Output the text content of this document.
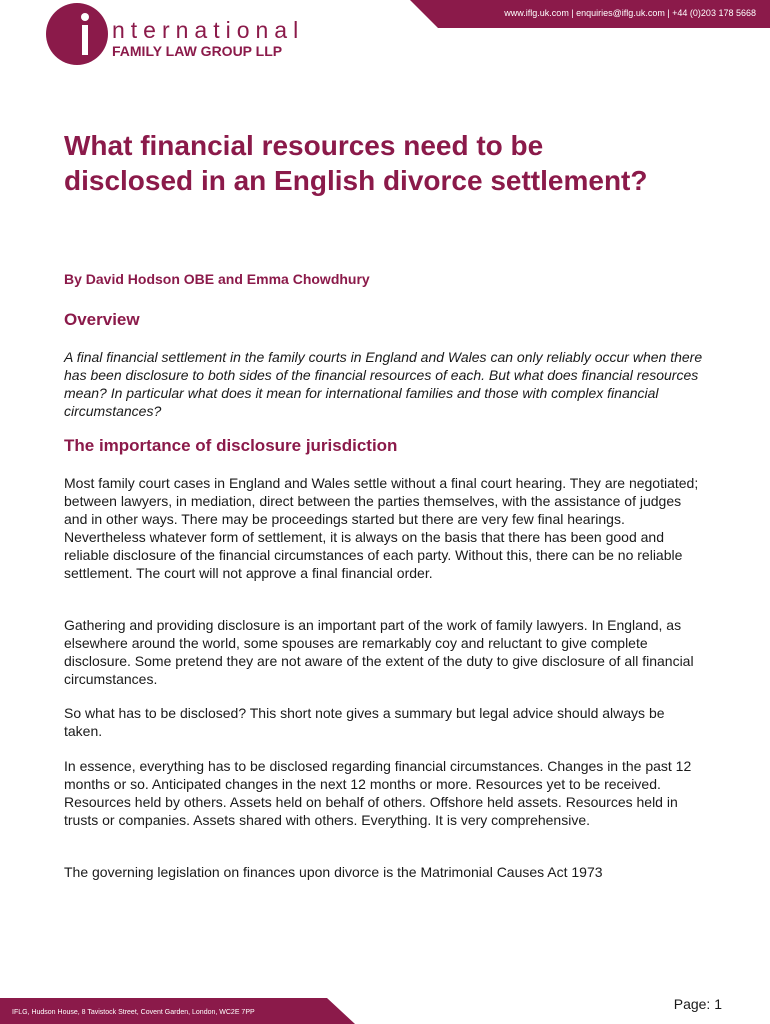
www.iflg.uk.com | enquiries@iflg.uk.com | +44 (0)203 178 5668
nternational
FAMILY LAW GROUP LLP
What financial resources need to be disclosed in an English divorce settlement?

By David Hodson OBE and Emma Chowdhury

Overview

A final financial settlement in the family courts in England and Wales can only reliably occur when there has been disclosure to both sides of the financial resources of each. But what does financial resources mean? In particular what does it mean for international families and those with complex financial circumstances?

The importance of disclosure jurisdiction

Most family court cases in England and Wales settle without a final court hearing. They are negotiated; between lawyers, in mediation, direct between the parties themselves, with the assistance of judges and in other ways. There may be proceedings started but there are very few final hearings. Nevertheless whatever form of settlement, it is always on the basis that there has been good and reliable disclosure of the financial circumstances of each party. Without this, there can be no reliable settlement. The court will not approve a final financial order.

Gathering and providing disclosure is an important part of the work of family lawyers. In England, as elsewhere around the world, some spouses are remarkably coy and reluctant to give complete disclosure. Some pretend they are not aware of the extent of the duty to give disclosure of all financial circumstances.

So what has to be disclosed? This short note gives a summary but legal advice should always be taken.

In essence, everything has to be disclosed regarding financial circumstances. Changes in the past 12 months or so. Anticipated changes in the next 12 months or more. Resources yet to be received. Resources held by others. Assets held on behalf of others. Offshore held assets. Resources held in trusts or companies. Assets shared with others. Everything. It is very comprehensive.

The governing legislation on finances upon divorce is the Matrimonial Causes Act 1973

IFLG, Hudson House, 8 Tavistock Street, Covent Garden, London, WC2E 7PP
Page: 1
